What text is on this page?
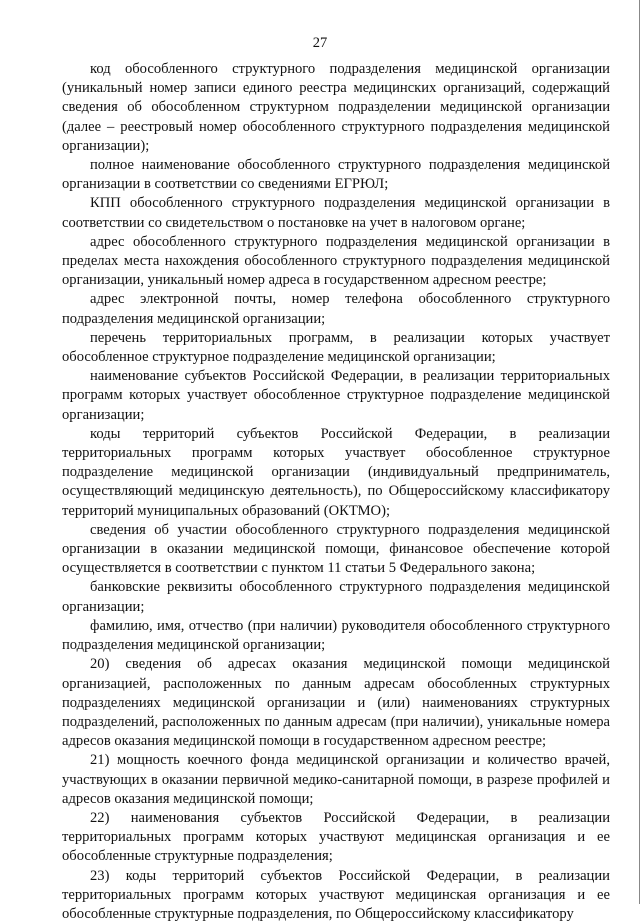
27

код обособленного структурного подразделения медицинской организации (уникальный номер записи единого реестра медицинских организаций, содержащий сведения об обособленном структурном подразделении медицинской организации (далее – реестровый номер обособленного структурного подразделения медицинской организации);

полное наименование обособленного структурного подразделения медицинской организации в соответствии со сведениями ЕГРЮЛ;

КПП обособленного структурного подразделения медицинской организации в соответствии со свидетельством о постановке на учет в налоговом органе;

адрес обособленного структурного подразделения медицинской организации в пределах места нахождения обособленного структурного подразделения медицинской организации, уникальный номер адреса в государственном адресном реестре;

адрес электронной почты, номер телефона обособленного структурного подразделения медицинской организации;

перечень территориальных программ, в реализации которых участвует обособленное структурное подразделение медицинской организации;

наименование субъектов Российской Федерации, в реализации территориальных программ которых участвует обособленное структурное подразделение медицинской организации;

коды территорий субъектов Российской Федерации, в реализации территориальных программ которых участвует обособленное структурное подразделение медицинской организации (индивидуальный предприниматель, осуществляющий медицинскую деятельность), по Общероссийскому классификатору территорий муниципальных образований (ОКТМО);

сведения об участии обособленного структурного подразделения медицинской организации в оказании медицинской помощи, финансовое обеспечение которой осуществляется в соответствии с пунктом 11 статьи 5 Федерального закона;

банковские реквизиты обособленного структурного подразделения медицинской организации;

фамилию, имя, отчество (при наличии) руководителя обособленного структурного подразделения медицинской организации;

20) сведения об адресах оказания медицинской помощи медицинской организацией, расположенных по данным адресам обособленных структурных подразделениях медицинской организации и (или) наименованиях структурных подразделений, расположенных по данным адресам (при наличии), уникальные номера адресов оказания медицинской помощи в государственном адресном реестре;

21) мощность коечного фонда медицинской организации и количество врачей, участвующих в оказании первичной медико-санитарной помощи, в разрезе профилей и адресов оказания медицинской помощи;

22) наименования субъектов Российской Федерации, в реализации территориальных программ которых участвуют медицинская организация и ее обособленные структурные подразделения;

23) коды территорий субъектов Российской Федерации, в реализации территориальных программ которых участвуют медицинская организация и ее обособленные структурные подразделения, по Общероссийскому классификатору
